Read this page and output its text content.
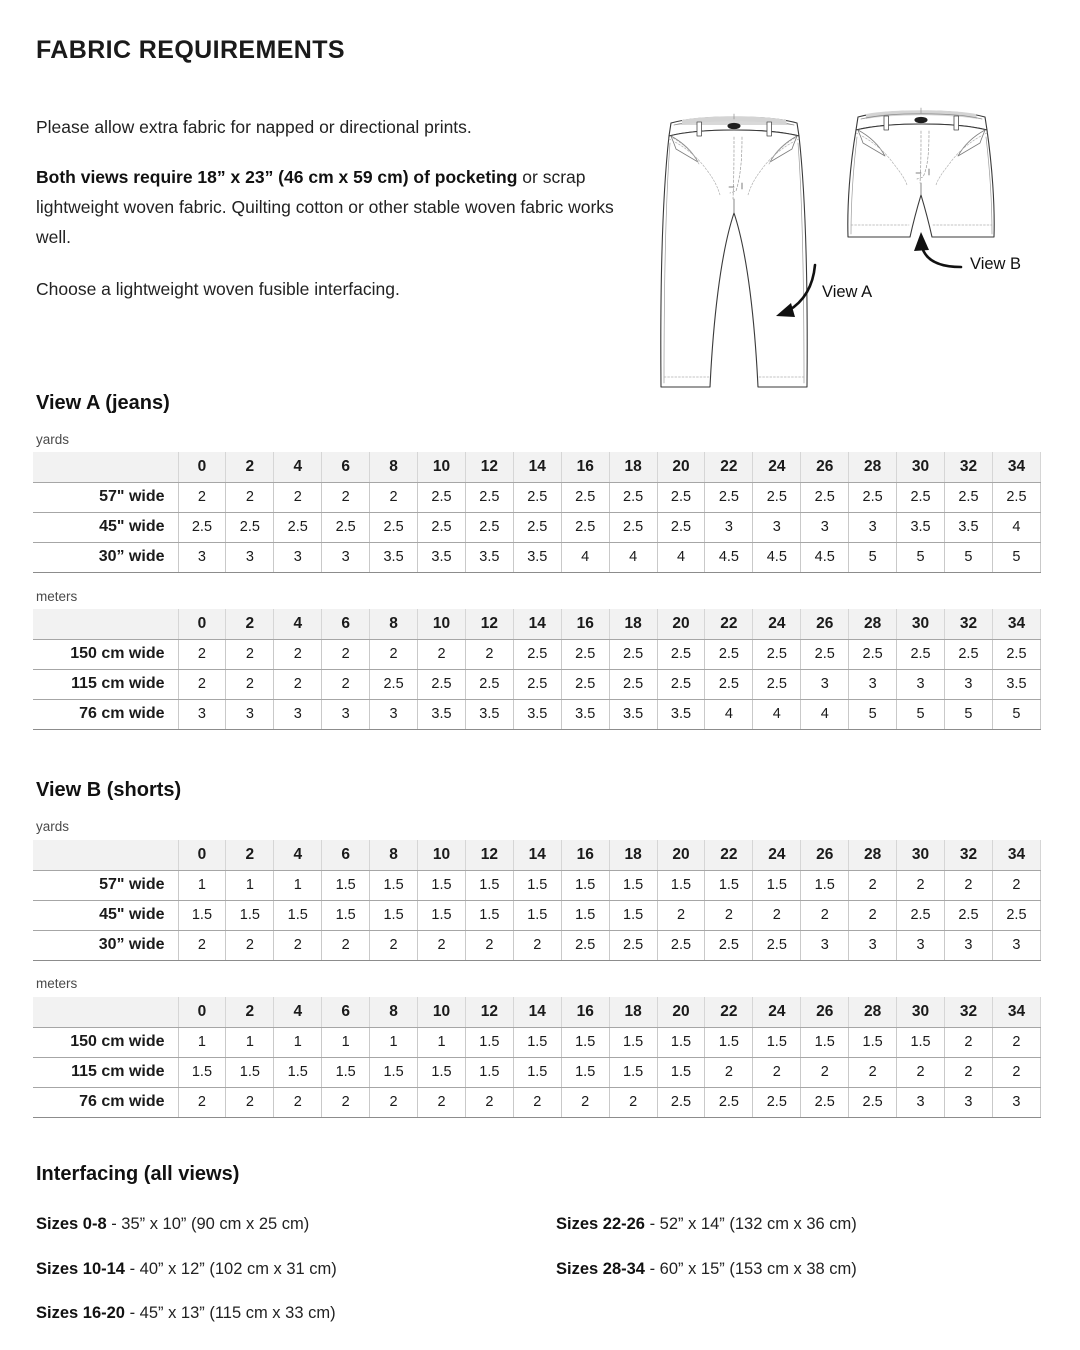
FABRIC REQUIREMENTS

Please allow extra fabric for napped or directional prints.

Both views require 18” x 23” (46 cm x 59 cm) of pocketing or scrap lightweight woven fabric. Quilting cotton or other stable woven fabric works well.

Choose a lightweight woven fusible interfacing.	View A
View B
View A (jeans)
yards
	0	2	4	6	8	10	12	14	16	18	20	22	24	26	28	30	32	34
57" wide	2	2	2	2	2	2.5	2.5	2.5	2.5	2.5	2.5	2.5	2.5	2.5	2.5	2.5	2.5	2.5
45" wide	2.5	2.5	2.5	2.5	2.5	2.5	2.5	2.5	2.5	2.5	2.5	3	3	3	3	3.5	3.5	4
30” wide	3	3	3	3	3.5	3.5	3.5	3.5	4	4	4	4.5	4.5	4.5	5	5	5	5
meters
	0	2	4	6	8	10	12	14	16	18	20	22	24	26	28	30	32	34
150 cm wide	2	2	2	2	2	2	2	2.5	2.5	2.5	2.5	2.5	2.5	2.5	2.5	2.5	2.5	2.5
115 cm wide	2	2	2	2	2.5	2.5	2.5	2.5	2.5	2.5	2.5	2.5	2.5	3	3	3	3	3.5
76 cm wide	3	3	3	3	3	3.5	3.5	3.5	3.5	3.5	3.5	4	4	4	5	5	5	5
View B (shorts)
yards
	0	2	4	6	8	10	12	14	16	18	20	22	24	26	28	30	32	34
57" wide	1	1	1	1.5	1.5	1.5	1.5	1.5	1.5	1.5	1.5	1.5	1.5	1.5	2	2	2	2
45" wide	1.5	1.5	1.5	1.5	1.5	1.5	1.5	1.5	1.5	1.5	2	2	2	2	2	2.5	2.5	2.5
30” wide	2	2	2	2	2	2	2	2	2.5	2.5	2.5	2.5	2.5	3	3	3	3	3
meters
	0	2	4	6	8	10	12	14	16	18	20	22	24	26	28	30	32	34
150 cm wide	1	1	1	1	1	1	1.5	1.5	1.5	1.5	1.5	1.5	1.5	1.5	1.5	1.5	2	2
115 cm wide	1.5	1.5	1.5	1.5	1.5	1.5	1.5	1.5	1.5	1.5	1.5	2	2	2	2	2	2	2
76 cm wide	2	2	2	2	2	2	2	2	2	2	2.5	2.5	2.5	2.5	2.5	3	3	3
Interfacing (all views)
Sizes 0-8 - 35” x 10” (90 cm x 25 cm)
Sizes 10-14 - 40” x 12” (102 cm x 31 cm)
Sizes 16-20 - 45” x 13” (115 cm x 33 cm)
Sizes 22-26 - 52” x 14” (132 cm x 36 cm)
Sizes 28-34 - 60” x 15” (153 cm x 38 cm)
